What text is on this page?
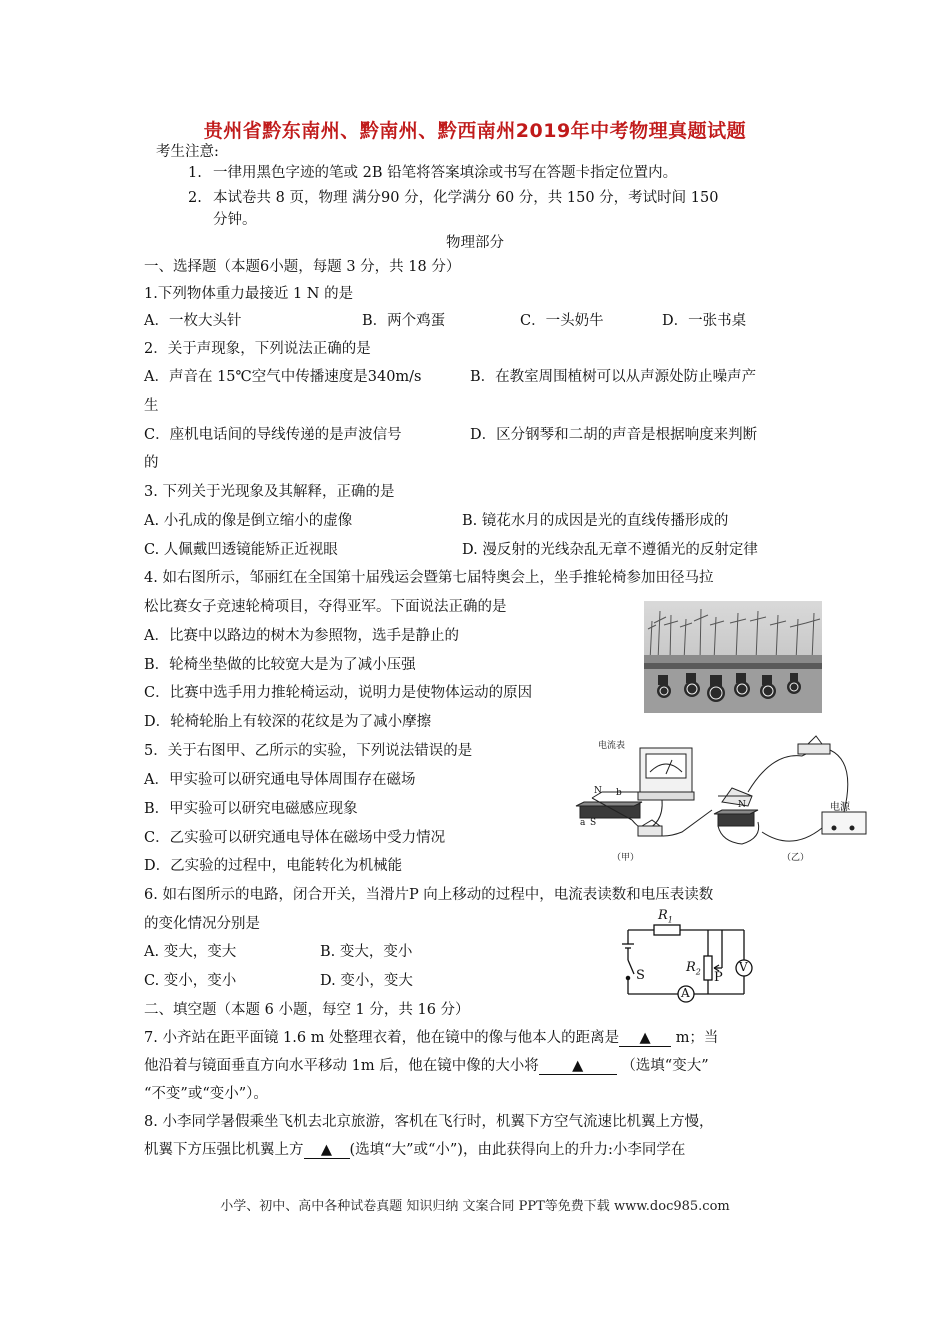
贵州省黔东南州、黔南州、黔西南州2019年中考物理真题试题
考生注意:
1. 一律用黑色字迹的笔或 2B 铅笔将答案填涂或书写在答题卡指定位置内。
2. 本试卷共 8 页，物理 满分90 分，化学满分 60 分，共 150 分，考试时间 150
分钟。
物理部分
一、选择题（本题6小题，每题 3 分，共 18 分）
1.下列物体重力最接近 1 N 的是
A．一枚大头针	B．两个鸡蛋	C．一头奶牛	D．一张书桌
2．关于声现象，下列说法正确的是
A．声音在 15℃空气中传播速度是340m/s	B．在教室周围植树可以从声源处防止噪声产
生
C．座机电话间的导线传递的是声波信号	D．区分钢琴和二胡的声音是根据响度来判断
的
3. 下列关于光现象及其解释，正确的是
A. 小孔成的像是倒立缩小的虚像	B. 镜花水月的成因是光的直线传播形成的
C. 人佩戴凹透镜能矫正近视眼	D. 漫反射的光线杂乱无章不遵循光的反射定律
4. 如右图所示，邹丽红在全国第十届残运会暨第七届特奥会上，坐手推轮椅参加田径马拉
松比赛女子竞速轮椅项目，夺得亚军。下面说法正确的是
A．比赛中以路边的树木为参照物，选手是静止的
B．轮椅坐垫做的比较宽大是为了减小压强
C．比赛中选手用力推轮椅运动，说明力是使物体运动的原因
D．轮椅轮胎上有较深的花纹是为了减小摩擦
5．关于右图甲、乙所示的实验，下列说法错误的是
A．甲实验可以研究通电导体周围存在磁场
B．甲实验可以研究电磁感应现象
C．乙实验可以研究通电导体在磁场中受力情况
D．乙实验的过程中，电能转化为机械能
电流表
电源
N
S
a
b
N
（甲）	（乙）
6. 如右图所示的电路，闭合开关，当滑片P 向上移动的过程中，电流表读数和电压表读数
的变化情况分别是
A. 变大，变大	B. 变大，变小
C. 变小，变小	D. 变小，变大
$R_1$
$R_2$ P
S
A
V
二、填空题（本题 6 小题，每空 1 分，共 16 分）
7. 小齐站在距平面镜 1.6 m 处整理衣着，他在镜中的像与他本人的距离是 ▲ m；当
他沿着与镜面垂直方向水平移动 1m 后，他在镜中像的大小将 ▲	（选填“变大”
“不变”或“变小”）。
8. 小李同学暑假乘坐飞机去北京旅游，客机在飞行时，机翼下方空气流速比机翼上方慢，
机翼下方压强比机翼上方 ▲ (选填“大”或“小”)，由此获得向上的升力:小李同学在
小学、初中、高中各种试卷真题 知识归纳 文案合同 PPT等免费下载 www.doc985.com
